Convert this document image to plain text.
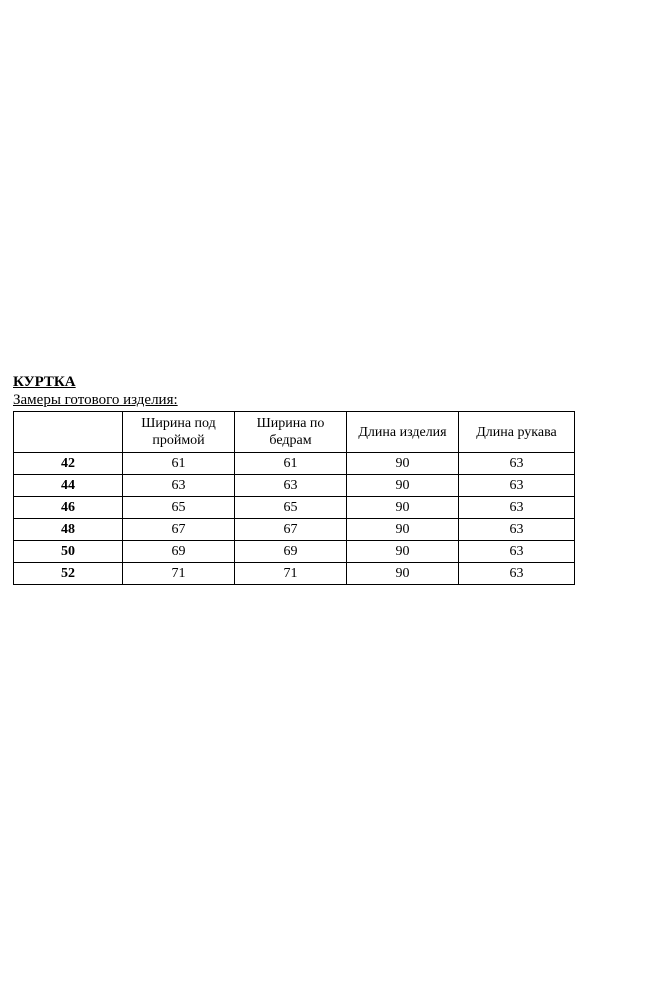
КУРТКА

Замеры готового изделия:

	Ширина под проймой	Ширина по бедрам	Длина изделия	Длина рукава
42	61	61	90	63
44	63	63	90	63
46	65	65	90	63
48	67	67	90	63
50	69	69	90	63
52	71	71	90	63
